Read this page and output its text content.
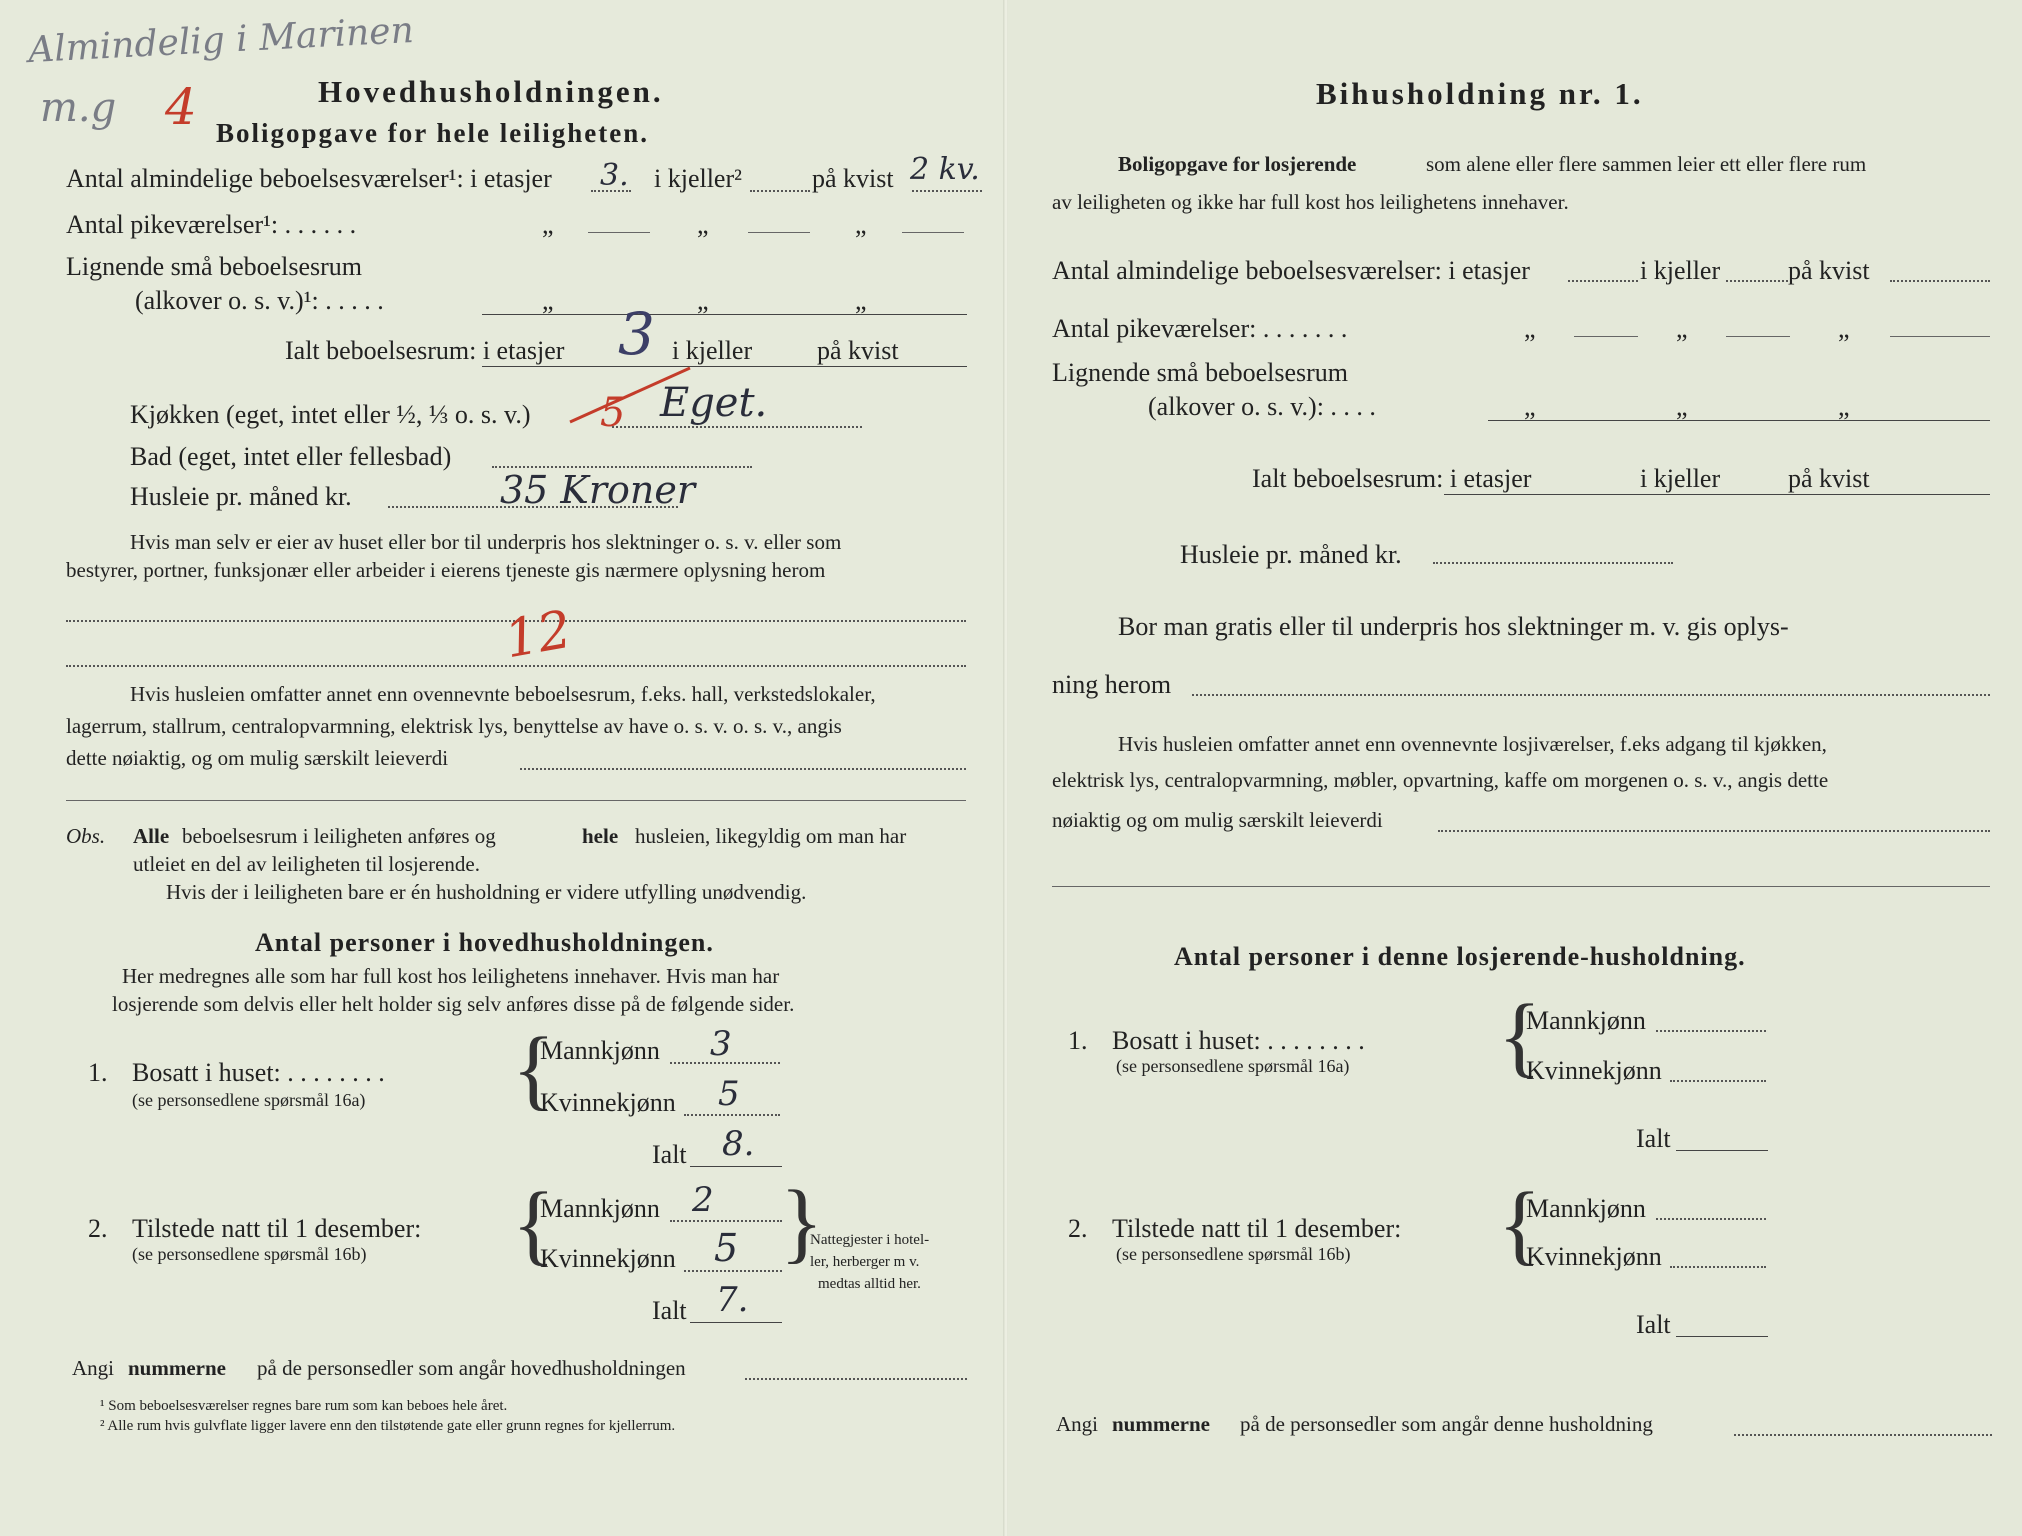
Almindelig i Marinen
m.g 4	Hovedhusholdningen.
Boligopgave for hele leiligheten.
Antal almindelige beboelsesværelser¹: i etasjer 3. i kjeller²	på kvist 2 kv.
Antal pikeværelser¹: . . . . . .	„	„	„
Lignende små beboelsesrum
(alkover o. s. v.)¹: . . . . .	„	„	„
Ialt beboelsesrum: i etasjer 3 i kjeller på kvist
Kjøkken (eget, intet eller ½, ⅓ o. s. v.) 5 Eget.
Bad (eget, intet eller fellesbad)
Husleie pr. måned kr.	35 Kroner
Hvis man selv er eier av huset eller bor til underpris hos slektninger o. s. v. eller som
bestyrer, portner, funksjonær eller arbeider i eierens tjeneste gis nærmere oplysning herom
12
Hvis husleien omfatter annet enn ovennevnte beboelsesrum, f.eks. hall, verkstedslokaler,
lagerrum, stallrum, centralopvarmning, elektrisk lys, benyttelse av have o. s. v. o. s. v., angis
dette nøiaktig, og om mulig særskilt leieverdi
Obs. Alle beboelsesrum i leiligheten anføres og	hele husleien, likegyldig om man har
utleiet en del av leiligheten til losjerende.
Hvis der i leiligheten bare er én husholdning er videre utfylling unødvendig.
Antal personer i hovedhusholdningen.
Her medregnes alle som har full kost hos leilighetens innehaver. Hvis man har
losjerende som delvis eller helt holder sig selv anføres disse på de følgende sider.
1. Bosatt i huset: . . . . . . . .
(se personsedlene spørsmål 16a) {
Mannkjønn 3
Kvinnekjønn 5
Ialt 8.
2. Tilstede natt til 1 desember:
(se personsedlene spørsmål 16b) {
Mannkjønn 2
Kvinnekjønn 5
Ialt 7.
{
Nattegjester i hotel-
ler, herberger m v.
medtas alltid her.
Angi nummerne på de personsedler som angår hovedhusholdningen
¹ Som beboelsesværelser regnes bare rum som kan beboes hele året.
² Alle rum hvis gulvflate ligger lavere enn den tilstøtende gate eller grunn regnes for kjellerrum.
Bihusholdning nr. 1.
Boligopgave for losjerende	som alene eller flere sammen leier ett eller flere rum
av leiligheten og ikke har full kost hos leilighetens innehaver.
Antal almindelige beboelsesværelser: i etasjer	i kjeller	på kvist
Antal pikeværelser: . . . . . . .	„	„	„
Lignende små beboelsesrum
(alkover o. s. v.): . . . .	„	„	„
Ialt beboelsesrum: i etasjer	i kjeller	på kvist
Husleie pr. måned kr.
Bor man gratis eller til underpris hos slektninger m. v. gis oplys-
ning herom
Hvis husleien omfatter annet enn ovennevnte losjiværelser, f.eks adgang til kjøkken,
elektrisk lys, centralopvarmning, møbler, opvartning, kaffe om morgenen o. s. v., angis dette
nøiaktig og om mulig særskilt leieverdi
Antal personer i denne losjerende-husholdning.
1. Bosatt i huset: . . . . . . . .
(se personsedlene spørsmål 16a) {
Mannkjønn
Kvinnekjønn
Ialt
2. Tilstede natt til 1 desember:
(se personsedlene spørsmål 16b) {
Mannkjønn
Kvinnekjønn
Ialt
Angi nummerne på de personsedler som angår denne husholdning
